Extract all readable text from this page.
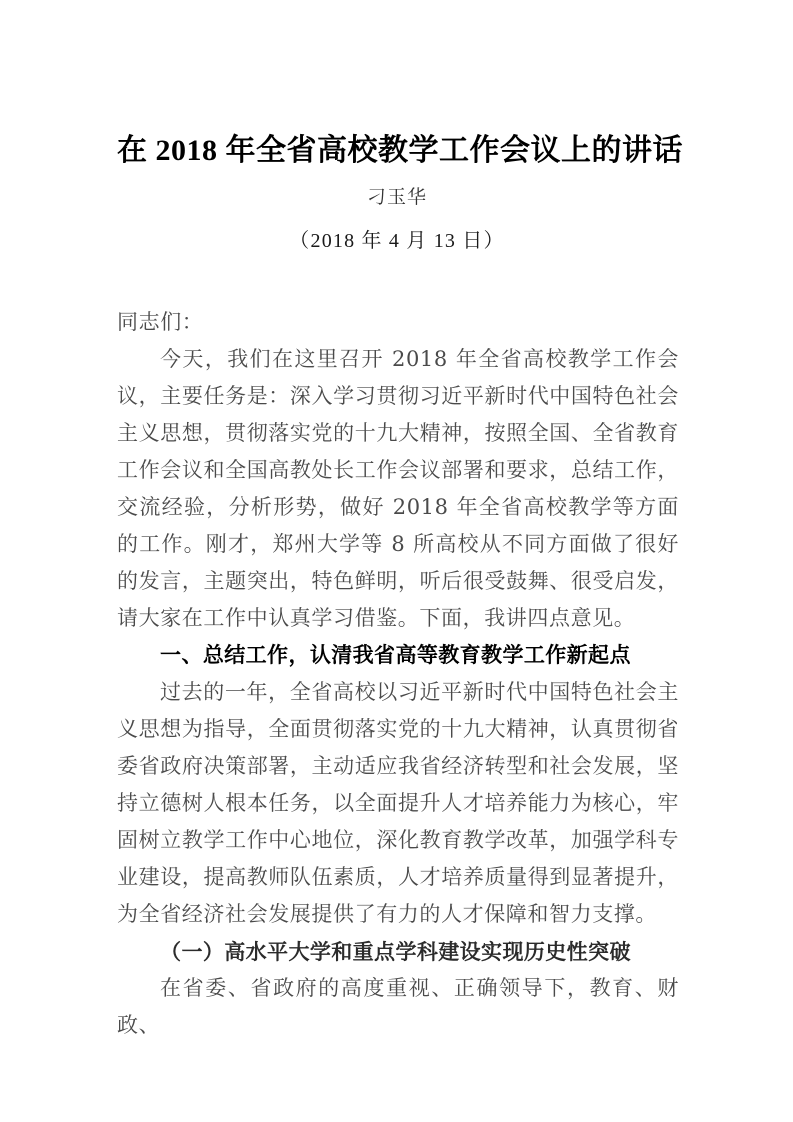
在 2018 年全省高校教学工作会议上的讲话
刁玉华
（2018 年 4 月 13 日）

同志们：

今天，我们在这里召开 2018 年全省高校教学工作会议，主要任务是：深入学习贯彻习近平新时代中国特色社会主义思想，贯彻落实党的十九大精神，按照全国、全省教育工作会议和全国高教处长工作会议部署和要求，总结工作，交流经验，分析形势，做好 2018 年全省高校教学等方面的工作。刚才，郑州大学等 8 所高校从不同方面做了很好的发言，主题突出，特色鲜明，听后很受鼓舞、很受启发，请大家在工作中认真学习借鉴。下面，我讲四点意见。

一、总结工作，认清我省高等教育教学工作新起点

过去的一年，全省高校以习近平新时代中国特色社会主义思想为指导，全面贯彻落实党的十九大精神，认真贯彻省委省政府决策部署，主动适应我省经济转型和社会发展，坚持立德树人根本任务，以全面提升人才培养能力为核心，牢固树立教学工作中心地位，深化教育教学改革，加强学科专业建设，提高教师队伍素质，人才培养质量得到显著提升，为全省经济社会发展提供了有力的人才保障和智力支撑。

（一）高水平大学和重点学科建设实现历史性突破

在省委、省政府的高度重视、正确领导下，教育、财政、
